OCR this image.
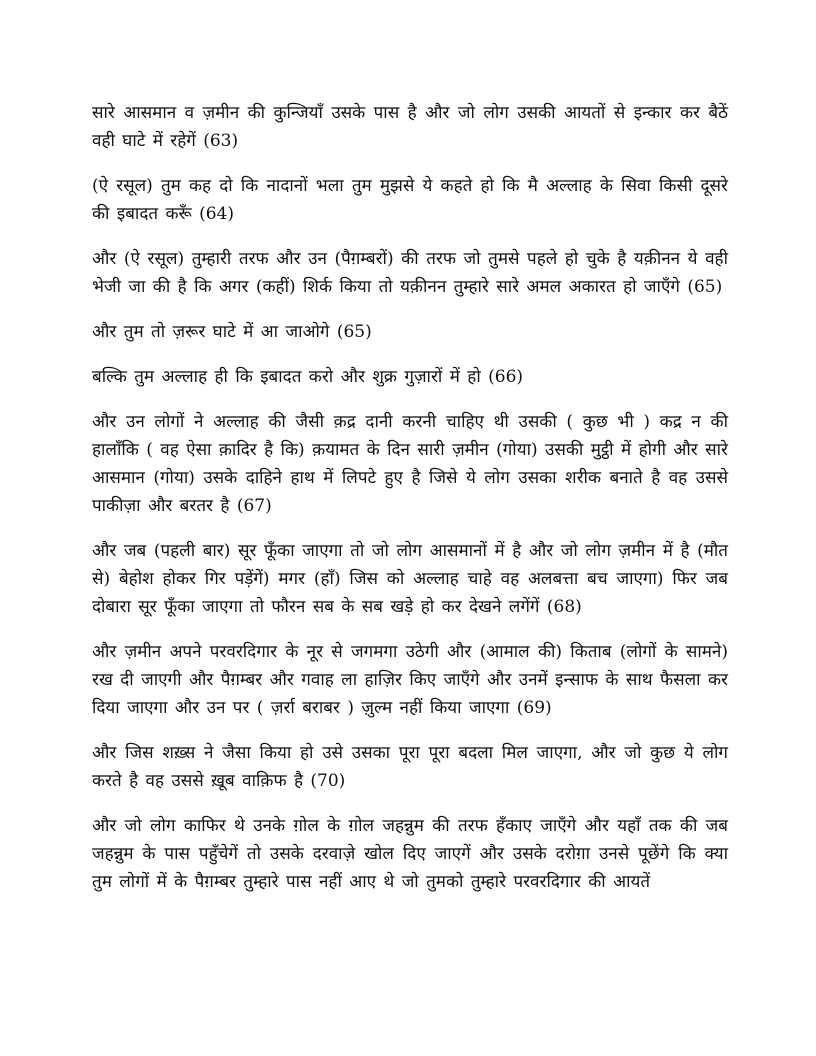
सारे आसमान व ज़मीन की कुन्जियाँ उसके पास है और जो लोग उसकी आयतों से इन्कार कर बैठें वही घाटे में रहेगें (63)

(ऐ रसूल) तुम कह दो कि नादानों भला तुम मुझसे ये कहते हो कि मै अल्लाह के सिवा किसी दूसरे की इबादत करूँ (64)

और (ऐ रसूल) तुम्हारी तरफ और उन (पैग़म्बरों) की तरफ जो तुमसे पहले हो चुके है यक़ीनन ये वही भेजी जा की है कि अगर (कहीं) शिर्क किया तो यक़ीनन तुम्हारे सारे अमल अकारत हो जाएँगे (65)

और तुम तो ज़रूर घाटे में आ जाओगे (65)

बल्कि तुम अल्लाह ही कि इबादत करो और शुक्र गुज़ारों में हो (66)

और उन लोगों ने अल्लाह की जैसी क़द्र दानी करनी चाहिए थी उसकी ( कुछ भी ) कद्र न की हालाँकि ( वह ऐसा क़ादिर है कि) क़यामत के दिन सारी ज़मीन (गोया) उसकी मुट्ठी में होगी और सारे आसमान (गोया) उसके दाहिने हाथ में लिपटे हुए है जिसे ये लोग उसका शरीक बनाते है वह उससे पाकीज़ा और बरतर है (67)

और जब (पहली बार) सूर फूँका जाएगा तो जो लोग आसमानों में है और जो लोग ज़मीन में है (मौत से) बेहोश होकर गिर पड़ेंगें) मगर (हाँ) जिस को अल्लाह चाहे वह अलबत्ता बच जाएगा) फिर जब दोबारा सूर फूँका जाएगा तो फौरन सब के सब खड़े हो कर देखने लगेंगें (68)

और ज़मीन अपने परवरदिगार के नूर से जगमगा उठेगी और (आमाल की) किताब (लोगों के सामने) रख दी जाएगी और पैग़म्बर और गवाह ला हाज़िर किए जाएँगे और उनमें इन्साफ के साथ फैसला कर दिया जाएगा और उन पर ( ज़र्रा बराबर ) ज़ुल्म नहीं किया जाएगा (69)

और जिस शख़्स ने जैसा किया हो उसे उसका पूरा पूरा बदला मिल जाएगा, और जो कुछ ये लोग करते है वह उससे ख़ूब वाक़िफ है (70)

और जो लोग काफिर थे उनके ग़ोल के ग़ोल जहन्नुम की तरफ हँकाए जाएँगे और यहाँ तक की जब जहन्नुम के पास पहुँचेगें तो उसके दरवाज़े खोल दिए जाएगें और उसके दरोग़ा उनसे पूछेंगे कि क्या तुम लोगों में के पैग़म्बर तुम्हारे पास नहीं आए थे जो तुमको तुम्हारे परवरदिगार की आयतें
